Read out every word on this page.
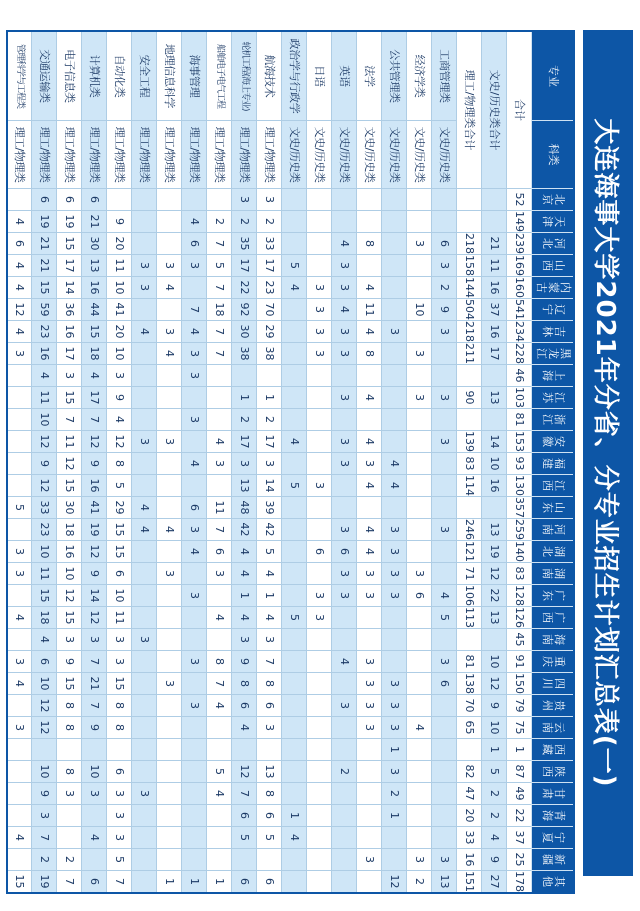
大连海事大学2021年分省、分专业招生计划汇总表(一)
专业	科类	北京	天津	河北	山西	内蒙古	辽宁	吉林	黑龙江	上海	江苏	浙江	安徽	福建	江西	山东	河南	湖北	湖南	广东	广西	海南	重庆	四川	贵州	云南	西藏	陕西	甘肃	青海	宁夏	新疆	其他
合计		52	149	239	169	160	541	234	228	46	103	81	153	93	130	357	259	140	83	128	126	45	91	150	79	75	1	87	49	22	37	25	178
文史/历史类合计				21	11	16	37	16	17		13		14	10	16		13	19	12	22	13		10	12	9	10	1	5	2	2	4	9	27
理工/物理类合计				218	158	144	504	218	211		90		139	83	114		246	121	71	106	113		81	138	70	65		82	47	20	33	16	151
工商管理类	文史/历史类			6	3	2	9	3			3		3				3			4	5		3	6								3	13
经济学类	文史/历史类			3			10		3		3								3	6						4						3	2
公共管理类	文史/历史类							3						4	4		3	3	3	3				3	3	3	1	3	2	1			12
法学	文史/历史类			8		4	11	4	8		4		4	3	4		4	4	3	3			3	3	3	3						3	
英语	文史/历史类			4	3	3	4	3	3		3		3	3			3	6	3	3			4		3			2					
日语	文史/历史类					3	3	3	3						3			6		3	3												
政治学与行政学	文史/历史类				5	4							4		5						5									1	4		
航海技术	理工/物理类	3	2	33	17	23	70	29	38		1	2	17	3	14	39	42	5	4	1	4	3	7	8	6	3		13	8	6	5		6
轮机工程(海上专业)	理工/物理类	3	2	35	17	22	92	30	38		1	2	17	3	13	48	42	4	4	1	4	3	9	8	6	4		12	7	6	5		6
船舶电子电气工程	理工/物理类		2	7	5	7	18	7	7				4	3		11	7	6	3		4		8	7	4			5	4				1
海事管理	理工/物理类		4	6	3		7	4	3	3		3		4		6	3	4		3			3		3								1
地理信息科学	理工/物理类				3	4		3	4				3				4		3					3									1
安全工程	理工/物理类				3	3		4					3			4	4					3							3				
自动化类	理工/物理类		9	20	11	10	41	20	10	3	9	4	12	8	5	29	15	15	6	10	11	3	3	15	8	8		6	3	3	3	5	7
计算机类	理工/物理类	6	21	30	13	16	44	15	18	4	17	7	12	9	16	41	19	12	9	14	12	3	7	21	7	9		10	3		4		6
电子信息类	理工/物理类	6	19	15	17	14	36	16	17	3	15	7	11	12	15	30	18	16	10	12	15	3	9	15	8	8		8	3			2	7
交通运输类	理工/物理类	6	19	21	21	15	59	23	16	4	11	10	12	9	12	33	23	10	11	15	18	4	6	10	12	12		10	9	3	7	2	19
管理科学与工程类	理工/物理类		4	6	4	4	12	4	3							5		3	3		4		3	4		3					4		15
